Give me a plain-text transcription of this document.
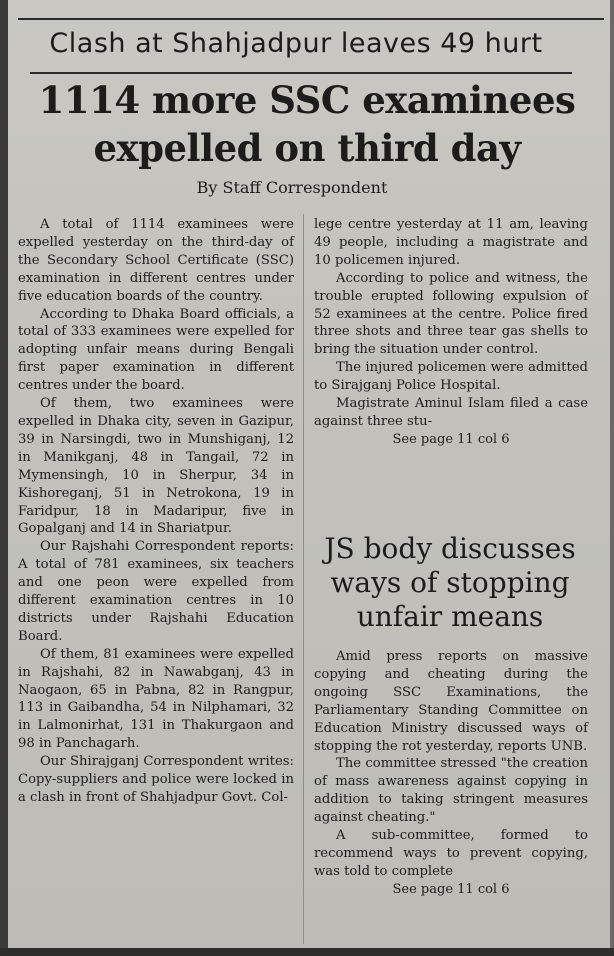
Clash at Shahjadpur leaves 49 hurt
1114 more SSC examinees
expelled on third day
By Staff Correspondent

A total of 1114 examinees were expelled yesterday on the third-day of the Secondary School Certificate (SSC) examination in different centres under five education boards of the country.

According to Dhaka Board officials, a total of 333 examinees were expelled for adopting unfair means during Bengali first paper examination in different centres under the board.

Of them, two examinees were expelled in Dhaka city, seven in Gazipur, 39 in Narsingdi, two in Munshiganj, 12 in Manikganj, 48 in Tangail, 72 in Mymensingh, 10 in Sherpur, 34 in Kishoreganj, 51 in Netrokona, 19 in Faridpur, 18 in Madaripur, five in Gopalganj and 14 in Shariatpur.

Our Rajshahi Correspondent reports: A total of 781 examinees, six teachers and one peon were expelled from different examination centres in 10 districts under Rajshahi Education Board.

Of them, 81 examinees were expelled in Rajshahi, 82 in Nawabganj, 43 in Naogaon, 65 in Pabna, 82 in Rangpur, 113 in Gaibandha, 54 in Nilphamari, 32 in Lalmonirhat, 131 in Thakurgaon and 98 in Panchagarh.

Our Shirajganj Correspondent writes: Copy-suppliers and police were locked in a clash in front of Shahjadpur Govt. Col-

lege centre yesterday at 11 am, leaving 49 people, including a magistrate and 10 policemen injured.

According to police and witness, the trouble erupted following expulsion of 52 examinees at the centre. Police fired three shots and three tear gas shells to bring the situation under control.

The injured policemen were admitted to Sirajganj Police Hospital.

Magistrate Aminul Islam filed a case against three stu-

See page 11 col 6

JS body discusses ways of stopping unfair means

Amid press reports on massive copying and cheating during the ongoing SSC Examinations, the Parliamentary Standing Committee on Education Ministry discussed ways of stopping the rot yesterday, reports UNB.

The committee stressed "the creation of mass awareness against copying in addition to taking stringent measures against cheating."

A sub-committee, formed to recommend ways to prevent copying, was told to complete

See page 11 col 6
